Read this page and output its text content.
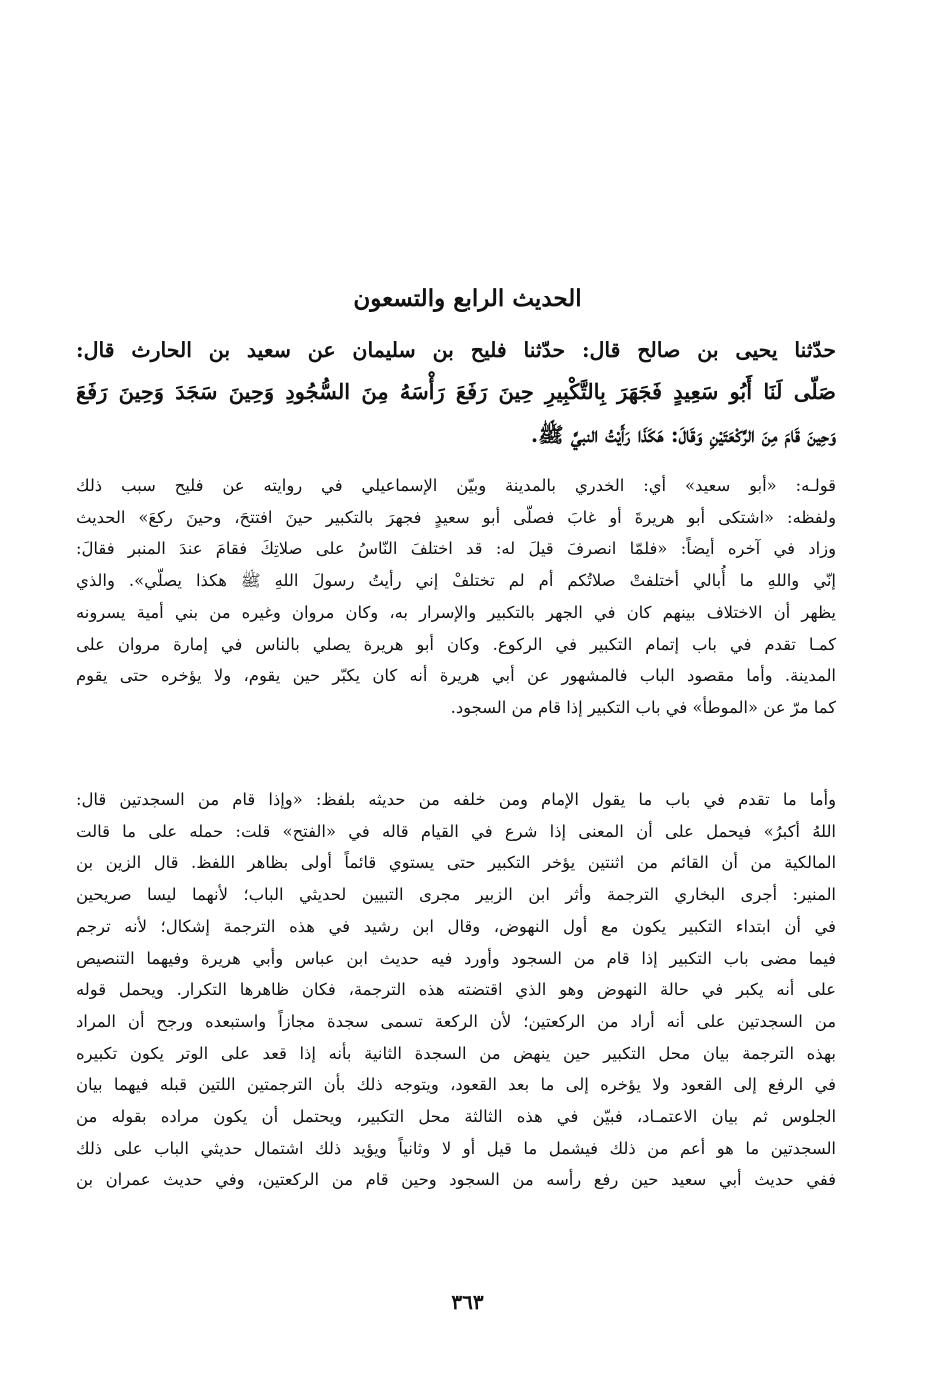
الحديث الرابع والتسعون
حدّثنا يحيى بن صالح قال: حدّثنا فليح بن سليمان عن سعيد بن الحارث قال:
صَلّى لَنَا أَبُو سَعِيدٍ فَجَهَرَ بِالتَّكْبِيرِ حِينَ رَفَعَ رَأْسَهُ مِنَ السُّجُودِ وَحِينَ سَجَدَ وَحِينَ رَفَعَ
وَحِينَ قَامَ مِنَ الرَّكْعَتَيْنِ وَقَالَ: هَكَذَا رَأَيْتُ النبيَّ ﷺ.
قولـه: «أبو سعيد» أي: الخدري بالمدينة وبيّن الإسماعيلي في روايته عن فليح سبب ذلك
ولفظه: «اشتكى أبو هريرةَ أو غابَ فصلّى أبو سعيدٍ فجهرَ بالتكبير حينَ افتتحَ، وحينَ ركعَ» الحديث
وزاد في آخره أيضاً: «فلمّا انصرفَ قيلَ له: قد اختلفَ النّاسُ على صلاتِكَ فقامَ عندَ المنبر فقالَ:
إنّي واللهِ ما أُبالي أختلفتْ صلاتُكم أم لم تختلفْ إني رأيتُ رسولَ اللهِ ﷺ هكذا يصلّي». والذي
يظهر أن الاختلاف بينهم كان في الجهر بالتكبير والإسرار به، وكان مروان وغيره من بني أمية يسرونه
كمـا تقدم في باب إتمام التكبير في الركوع. وكان أبو هريرة يصلي بالناس في إمارة مروان على
المدينة. وأما مقصود الباب فالمشهور عن أبي هريرة أنه كان يكبّر حين يقوم، ولا يؤخره حتى يقوم
كما مرّ عن «الموطأ» في باب التكبير إذا قام من السجود.
وأما ما تقدم في باب ما يقول الإمام ومن خلفه من حديثه بلفظ: «وإذا قام من السجدتين قال:
اللهُ أكبرُ» فيحمل على أن المعنى إذا شرع في القيام قاله في «الفتح» قلت: حمله على ما قالت
المالكية من أن القائم من اثنتين يؤخر التكبير حتى يستوي قائماً أولى بظاهر اللفظ. قال الزين بن
المنير: أجرى البخاري الترجمة وأثر ابن الزبير مجرى التبيين لحديثي الباب؛ لأنهما ليسا صريحين
في أن ابتداء التكبير يكون مع أول النهوض، وقال ابن رشيد في هذه الترجمة إشكال؛ لأنه ترجم
فيما مضى باب التكبير إذا قام من السجود وأورد فيه حديث ابن عباس وأبي هريرة وفيهما التنصيص
على أنه يكبر في حالة النهوض وهو الذي اقتضته هذه الترجمة، فكان ظاهرها التكرار. ويحمل قوله
من السجدتين على أنه أراد من الركعتين؛ لأن الركعة تسمى سجدة مجازاً واستبعده ورجح أن المراد
بهذه الترجمة بيان محل التكبير حين ينهض من السجدة الثانية بأنه إذا قعد على الوتر يكون تكبيره
في الرفع إلى القعود ولا يؤخره إلى ما بعد القعود، ويتوجه ذلك بأن الترجمتين اللتين قبله فيهما بيان
الجلوس ثم بيان الاعتمـاد، فبيّن في هذه الثالثة محل التكبير، ويحتمل أن يكون مراده بقوله من
السجدتين ما هو أعم من ذلك فيشمل ما قيل أو لا وثانياً ويؤيد ذلك اشتمال حديثي الباب على ذلك
ففي حديث أبي سعيد حين رفع رأسه من السجود وحين قام من الركعتين، وفي حديث عمران بن
٣٦٣
